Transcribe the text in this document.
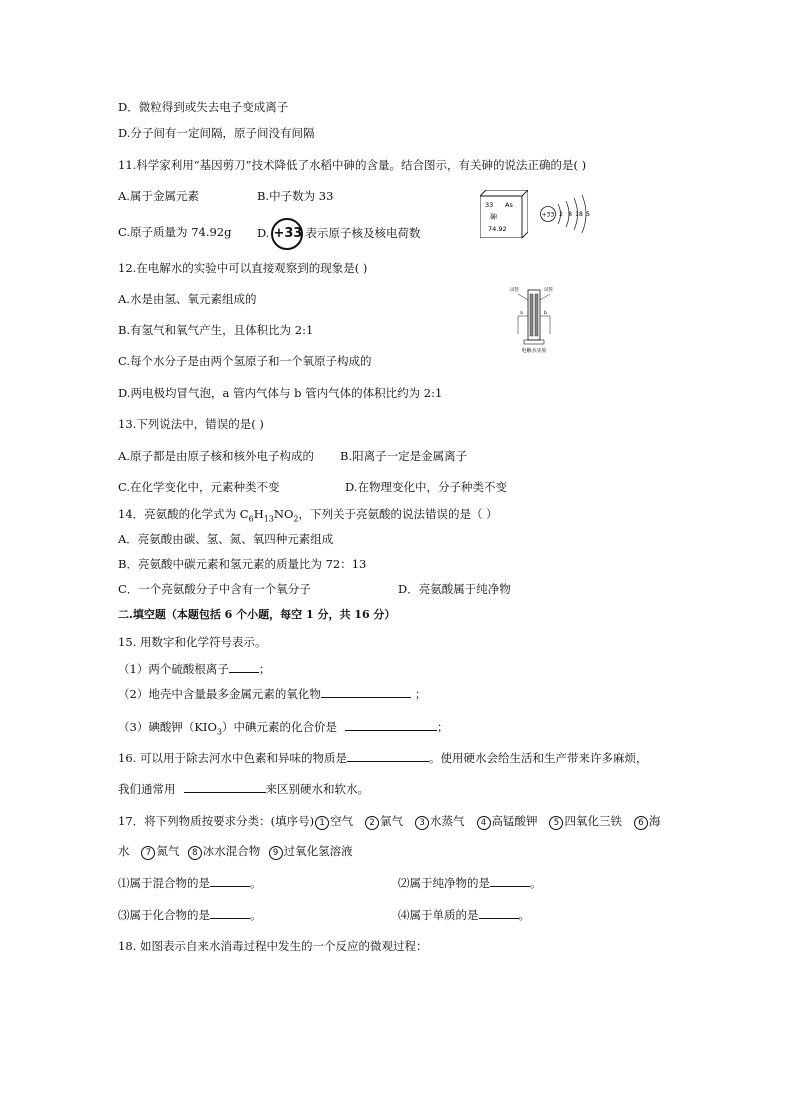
D．微粒得到或失去电子变成离子
D.分子间有一定间隔，原子间没有间隔
11.科学家利用“基因剪刀”技术降低了水稻中砷的含量。结合图示，有关砷的说法正确的是( )
A.属于金属元素	B.中子数为 33
C.原子质量为 74.92g D. +33 表示原子核及核电荷数
33 As
砷
74.92
+33 2 8 18 5
12.在电解水的实验中可以直接观察到的现象是( )
A.水是由氢、氧元素组成的
B.有氢气和氧气产生，且体积比为 2:1
C.每个水分子是由两个氢原子和一个氧原子构成的
D.两电极均冒气泡，a 管内气体与 b 管内气体的体积比约为 2:1
试管	试管
a	b
电解水实验
13.下列说法中，错误的是( )
A.原子都是由原子核和核外电子构成的 B.阳离子一定是金属离子
C.在化学变化中，元素种类不变	D.在物理变化中，分子种类不变
14．亮氨酸的化学式为 $C_6H_{13}NO_2$，下列关于亮氨酸的说法错误的是（ ）
A．亮氨酸由碳、氢、氮、氧四种元素组成
B．亮氨酸中碳元素和氢元素的质量比为 72：13
C．一个亮氨酸分子中含有一个氧分子	D．亮氨酸属于纯净物
二.填空题（本题包括 6 个小题，每空 1 分，共 16 分）
15. 用数字和化学符号表示。
（1）两个硫酸根离子	；
（2）地壳中含量最多金属元素的氧化物	；
（3）碘酸钾$(KIO_3)$中碘元素的化合价是	；
16. 可以用于除去河水中色素和异味的物质是	。使用硬水会给生活和生产带来许多麻烦，
我们通常用	来区别硬水和软水。
17．将下列物质按要求分类：(填序号) 1 空气 2 氯气 3 水蒸气 4 高锰酸钾 5 四氧化三铁 6 海
水 7 氮气 8 冰水混合物 9 过氧化氢溶液
⑴属于混合物的是	。	⑵属于纯净物的是	。
⑶属于化合物的是	。	⑷属于单质的是	。
18. 如图表示自来水消毒过程中发生的一个反应的微观过程：
